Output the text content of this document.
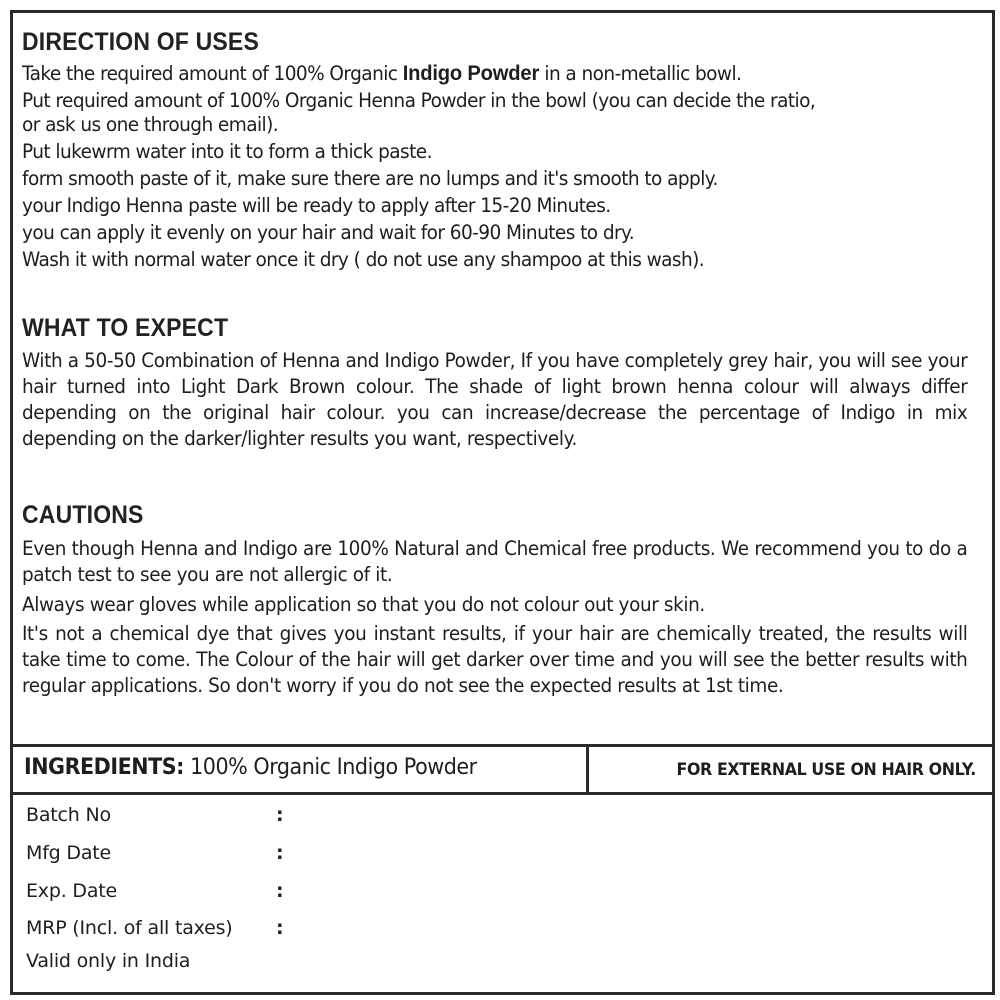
DIRECTION OF USES

Take the required amount of 100% Organic Indigo Powder in a non-metallic bowl.

Put required amount of 100% Organic Henna Powder in the bowl (you can decide the ratio,

or ask us one through email).

Put lukewrm water into it to form a thick paste.

form smooth paste of it, make sure there are no lumps and it's smooth to apply.

your Indigo Henna paste will be ready to apply after 15-20 Minutes.

you can apply it evenly on your hair and wait for 60-90 Minutes to dry.

Wash it with normal water once it dry ( do not use any shampoo at this wash).

WHAT TO EXPECT

With a 50-50 Combination of Henna and Indigo Powder, If you have completely grey hair, you will see your hair turned into Light Dark Brown colour. The shade of light brown henna colour will always differ depending on the original hair colour. you can increase/decrease the percentage of Indigo in mix depending on the darker/lighter results you want, respectively.

CAUTIONS

Even though Henna and Indigo are 100% Natural and Chemical free products. We recommend you to do a patch test to see you are not allergic of it.

Always wear gloves while application so that you do not colour out your skin.

It's not a chemical dye that gives you instant results, if your hair are chemically treated, the results will take time to come. The Colour of the hair will get darker over time and you will see the better results with regular applications. So don't worry if you do not see the expected results at 1st time.

INGREDIENTS: 100% Organic Indigo Powder	FOR EXTERNAL USE ON HAIR ONLY.
Batch No	:
Mfg Date	:
Exp. Date	:
MRP (Incl. of all taxes) :
Valid only in India
